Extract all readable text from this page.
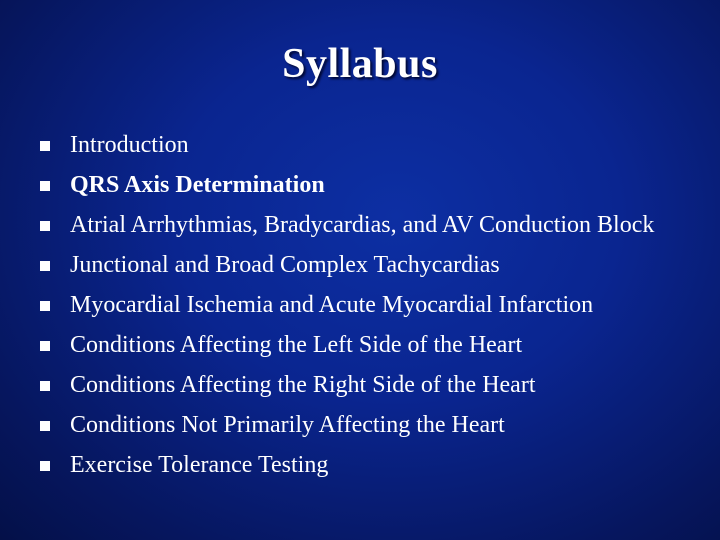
Syllabus
Introduction
QRS Axis Determination
Atrial Arrhythmias, Bradycardias, and AV Conduction Block
Junctional and Broad Complex Tachycardias
Myocardial Ischemia and Acute Myocardial Infarction
Conditions Affecting the Left Side of the Heart
Conditions Affecting the Right Side of the Heart
Conditions Not Primarily Affecting the Heart
Exercise Tolerance Testing
